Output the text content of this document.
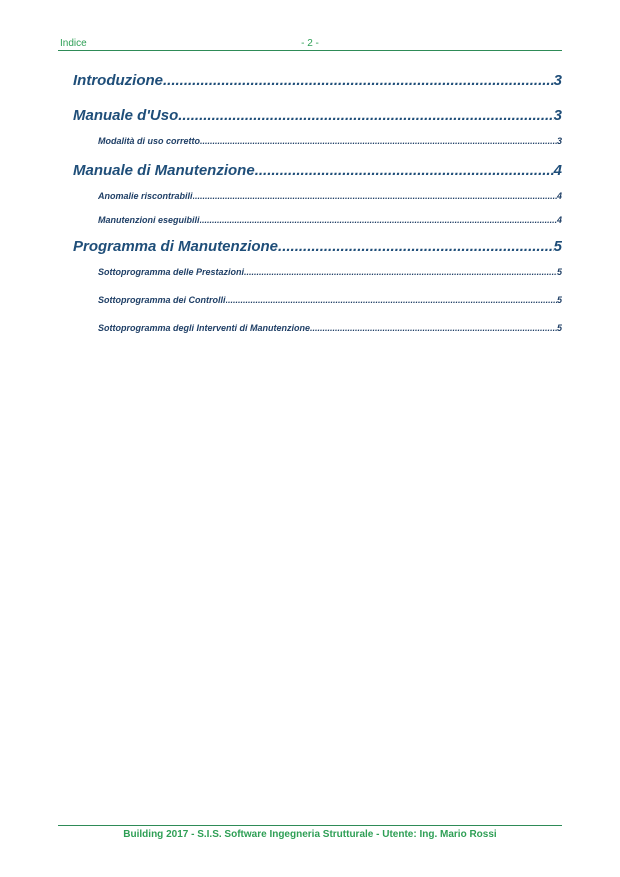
Indice	- 2 -
Introduzione .....	3
Manuale d'Uso .....	3
Modalità di uso corretto .....	3
Manuale di Manutenzione .....	4
Anomalie riscontrabili .....	4
Manutenzioni eseguibili .....	4
Programma di Manutenzione .....	5
Sottoprogramma delle Prestazioni .....	5
Sottoprogramma dei Controlli .....	5
Sottoprogramma degli Interventi di Manutenzione .....	5
Building 2017 - S.I.S. Software Ingegneria Strutturale - Utente: Ing. Mario Rossi
